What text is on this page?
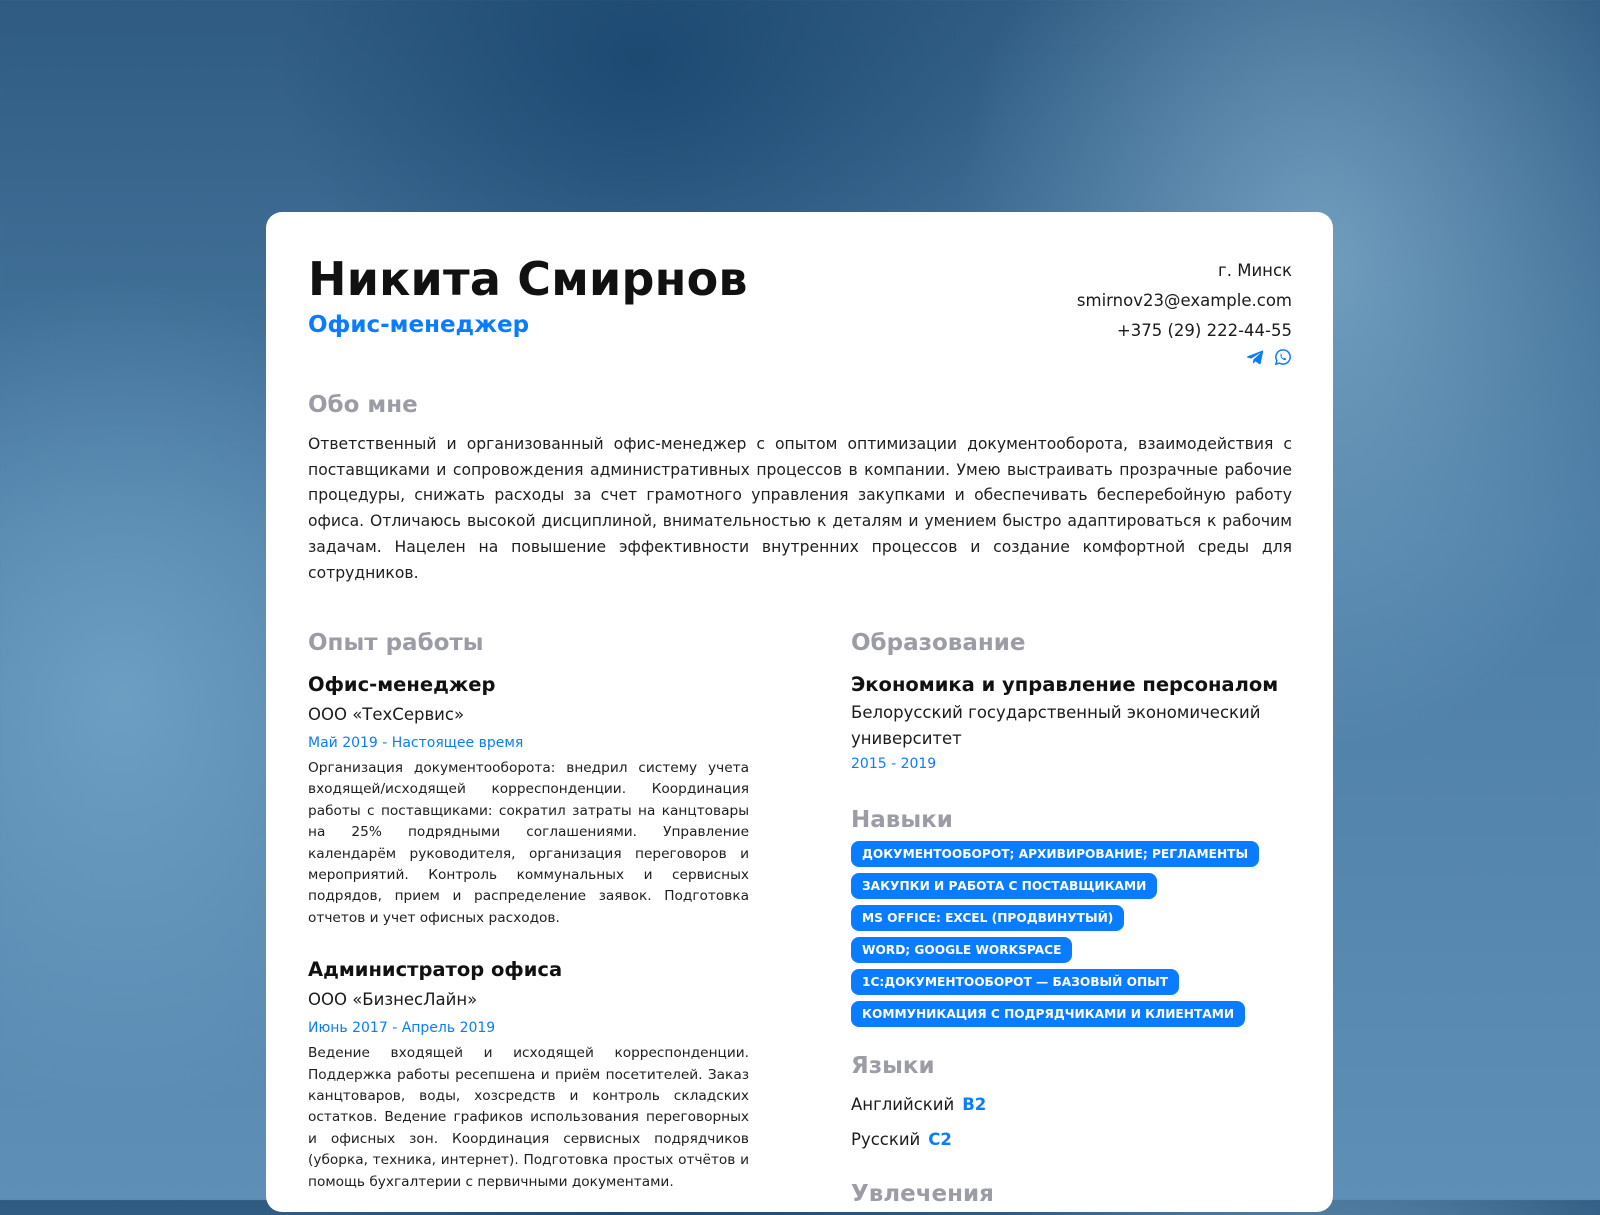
Никита Смирнов
Офис-менеджер
г. Минск
smirnov23@example.com
+375 (29) 222-44-55
Обо мне
Ответственный и организованный офис-менеджер с опытом оптимизации документооборота, взаимодействия с поставщиками и сопровождения административных процессов в компании. Умею выстраивать прозрачные рабочие процедуры, снижать расходы за счет грамотного управления закупками и обеспечивать бесперебойную работу офиса. Отличаюсь высокой дисциплиной, внимательностью к деталям и умением быстро адаптироваться к рабочим задачам. Нацелен на повышение эффективности внутренних процессов и создание комфортной среды для сотрудников.
Опыт работы
Офис-менеджер
ООО «ТехСервис»
Май 2019 - Настоящее время
Организация документооборота: внедрил систему учета входящей/исходящей корреспонденции. Координация работы с поставщиками: сократил затраты на канцтовары на 25% подрядными соглашениями. Управление календарём руководителя, организация переговоров и мероприятий. Контроль коммунальных и сервисных подрядов, прием и распределение заявок. Подготовка отчетов и учет офисных расходов.
Администратор офиса
ООО «БизнесЛайн»
Июнь 2017 - Апрель 2019
Ведение входящей и исходящей корреспонденции. Поддержка работы ресепшена и приём посетителей. Заказ канцтоваров, воды, хозсредств и контроль складских остатков. Ведение графиков использования переговорных и офисных зон. Координация сервисных подрядчиков (уборка, техника, интернет). Подготовка простых отчётов и помощь бухгалтерии с первичными документами.
Образование
Экономика и управление персоналом
Белорусский государственный экономический университет
2015 - 2019
Навыки
ДОКУМЕНТООБОРОТ; АРХИВИРОВАНИЕ; РЕГЛАМЕНТЫ
ЗАКУПКИ И РАБОТА С ПОСТАВЩИКАМИ
MS OFFICE: EXCEL (ПРОДВИНУТЫЙ)
WORD; GOOGLE WORKSPACE
1С:ДОКУМЕНТООБОРОТ — БАЗОВЫЙ ОПЫТ
КОММУНИКАЦИЯ С ПОДРЯДЧИКАМИ И КЛИЕНТАМИ
Языки
Английский B2
Русский C2
Увлечения
